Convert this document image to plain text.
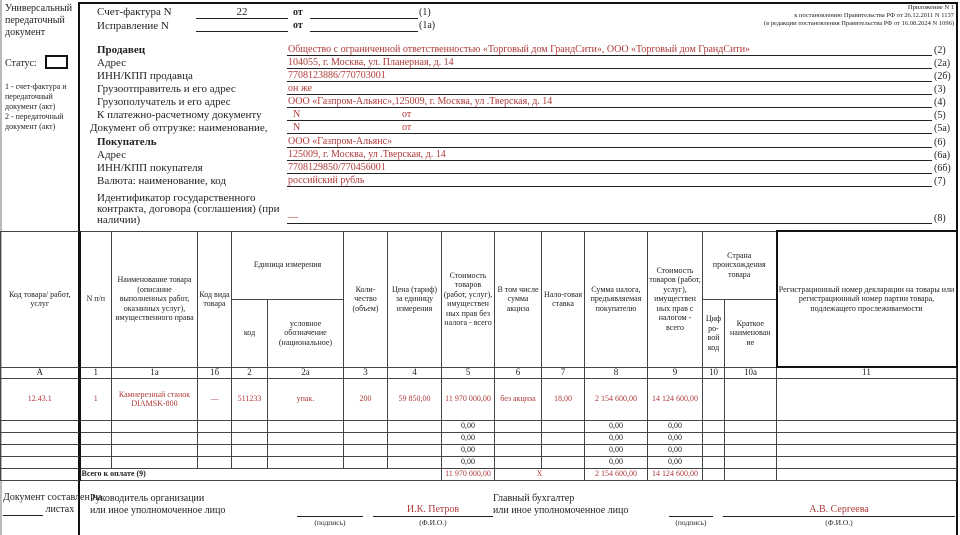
Универсальный передаточный документ
Статус:
1 - счет-фактура и передаточный документ (акт)
2 - передаточный документ (акт)
Приложение N 1
к постановлению Правительства РФ от 26.12.2011 N 1137
(в редакции постановления Правительства РФ от 16.08.2024 N 1096)
Счет-фактура N	22	от	(1)
Исправление N	от	(1а)
Продавец	Общество с ограниченной ответственностью «Торговый дом ГрандСити», ООО «Торговый дом ГрандСити»	(2)
Адрес	104055, г. Москва, ул. Планерная, д. 14	(2а)
ИНН/КПП продавца	7708123886/770703001	(2б)
Грузоотправитель и его адрес	он же	(3)
Грузополучатель и его адрес	ООО «Газпром-Альянс»,125009, г. Москва, ул .Тверская, д. 14	(4)
К платежно-расчетному документу	N	от	(5)
Документ об отгрузке: наименование,	N	от	(5а)
Покупатель	ООО «Газпром-Альянс»	(6)
Адрес	125009, г. Москва, ул .Тверская, д. 14	(6а)
ИНН/КПП покупателя	7708129850/770456001	(6б)
Валюта: наименование, код	российский рубль	(7)
Идентификатор государственного контракта, договора (соглашения) (при наличии)	—	(8)
Код товара/ работ, услуг	N п/п	Наименование товара (описание выполненных работ, оказанных услуг), имущественного права	Код вида товара	Единица измерения		Коли-чество (объем)	Цена (тариф) за единицу измерения	Стоимость товаров (работ, услуг), имуществен ных прав без налога - всего	В том числе сумма акциза	Нало-говая ставка	Сумма налога, предъявляемая покупателю	Стоимость товаров (работ, услуг), имуществен ных прав с налогом - всего	Страна происхождения товара		Регистрационный номер декларации на товары или регистрационный номер партии товара, подлежащего прослеживаемости
				код	условное обозначение (национальное)								Циф ро-вой код	Краткое наименован ие	
А	1	1а	1б	2	2а	3	4	5	6	7	8	9	10	10а	11
12.43.1	1	Камнерезный станок DIAMSK-800	—	511233	упак.	200	59 850,00	11 970 000,00	без акциза	18,00	2 154 600,00	14 124 600,00			
								0,00			0,00	0,00			
								0,00			0,00	0,00			
								0,00			0,00	0,00			
								0,00			0,00	0,00			
	Всего к оплате (9)							11 970 000,00	Х		2 154 600,00	14 124 600,00			
Документ составлен на
листах
Руководитель организации
или иное уполномоченное лицо
(подпись)
И.К. Петров
(Ф.И.О.)
Главный бухгалтер
или иное уполномоченное лицо
(подпись)
А.В. Сергеева
(Ф.И.О.)
